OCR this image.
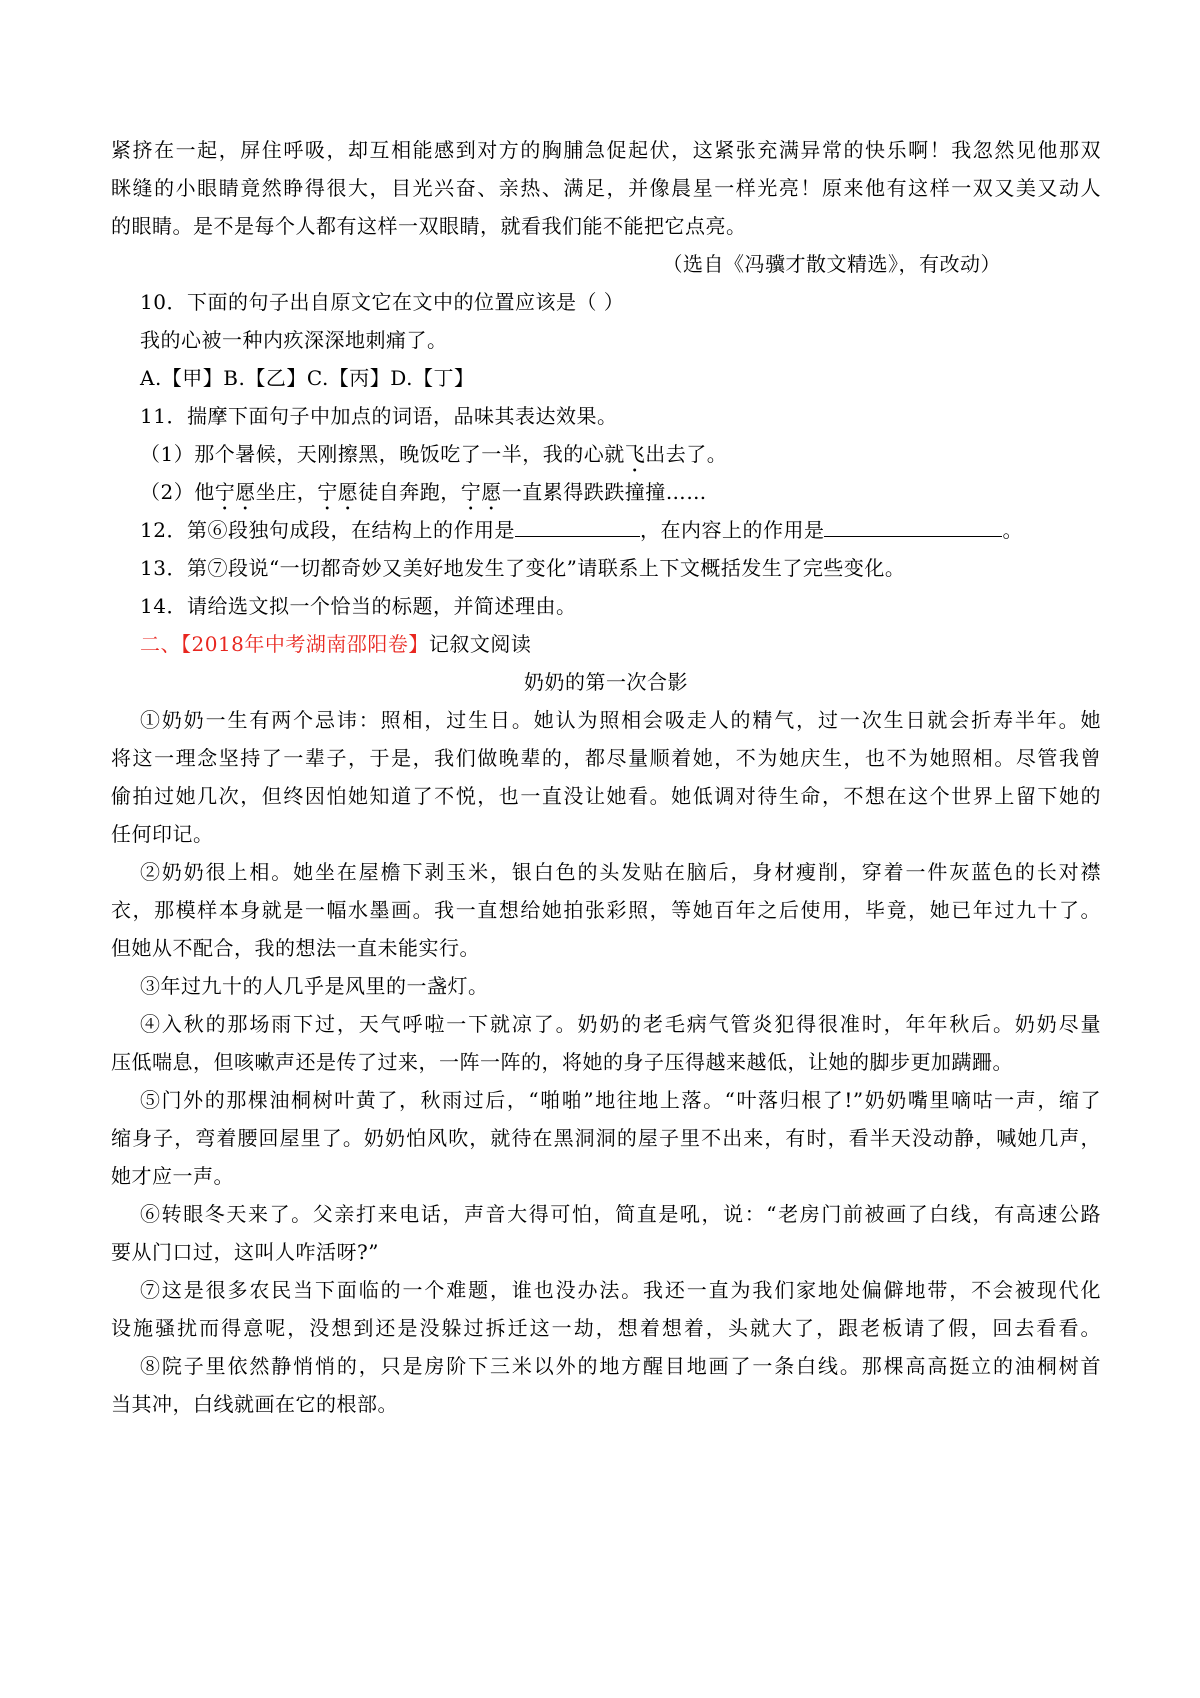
紧挤在一起，屏住呼吸，却互相能感到对方的胸脯急促起伏，这紧张充满异常的快乐啊！我忽然见他那双
眯缝的小眼睛竟然睁得很大，目光兴奋、亲热、满足，并像晨星一样光亮！原来他有这样一双又美又动人
的眼睛。是不是每个人都有这样一双眼睛，就看我们能不能把它点亮。
（选自《冯骥才散文精选》，有改动）
10．下面的句子出自原文它在文中的位置应该是（ ）
我的心被一种内疚深深地刺痛了。
A.【甲】B.【乙】C.【丙】D.【丁】
11．揣摩下面句子中加点的词语，品味其表达效果。
（1）那个暑候，天刚擦黑，晚饭吃了一半，我的心就飞出去了。
（2）他宁愿坐庄，宁愿徒自奔跑，宁愿一直累得跌跌撞撞……
12．第⑥段独句成段，在结构上的作用是	，在内容上的作用是	。
13．第⑦段说“一切都奇妙又美好地发生了变化”请联系上下文概括发生了完些变化。
14．请给选文拟一个恰当的标题，并简述理由。
二、【2018年中考湖南邵阳卷】记叙文阅读
奶奶的第一次合影
①奶奶一生有两个忌讳：照相，过生日。她认为照相会吸走人的精气，过一次生日就会折寿半年。她
将这一理念坚持了一辈子，于是，我们做晚辈的，都尽量顺着她，不为她庆生，也不为她照相。尽管我曾
偷拍过她几次，但终因怕她知道了不悦，也一直没让她看。她低调对待生命，不想在这个世界上留下她的
任何印记。
②奶奶很上相。她坐在屋檐下剥玉米，银白色的头发贴在脑后，身材瘦削，穿着一件灰蓝色的长对襟
衣，那模样本身就是一幅水墨画。我一直想给她拍张彩照，等她百年之后使用，毕竟，她已年过九十了。
但她从不配合，我的想法一直未能实行。
③年过九十的人几乎是风里的一盏灯。
④入秋的那场雨下过，天气呼啦一下就凉了。奶奶的老毛病气管炎犯得很准时，年年秋后。奶奶尽量
压低喘息，但咳嗽声还是传了过来，一阵一阵的，将她的身子压得越来越低，让她的脚步更加蹒跚。
⑤门外的那棵油桐树叶黄了，秋雨过后，“啪啪”地往地上落。“叶落归根了!”奶奶嘴里嘀咕一声，缩了
缩身子，弯着腰回屋里了。奶奶怕风吹，就待在黑洞洞的屋子里不出来，有时，看半天没动静，喊她几声，
她才应一声。
⑥转眼冬天来了。父亲打来电话，声音大得可怕，简直是吼，说：“老房门前被画了白线，有高速公路
要从门口过，这叫人咋活呀?”
⑦这是很多农民当下面临的一个难题，谁也没办法。我还一直为我们家地处偏僻地带，不会被现代化
设施骚扰而得意呢，没想到还是没躲过拆迁这一劫，想着想着，头就大了，跟老板请了假，回去看看。
⑧院子里依然静悄悄的，只是房阶下三米以外的地方醒目地画了一条白线。那棵高高挺立的油桐树首
当其冲，白线就画在它的根部。
